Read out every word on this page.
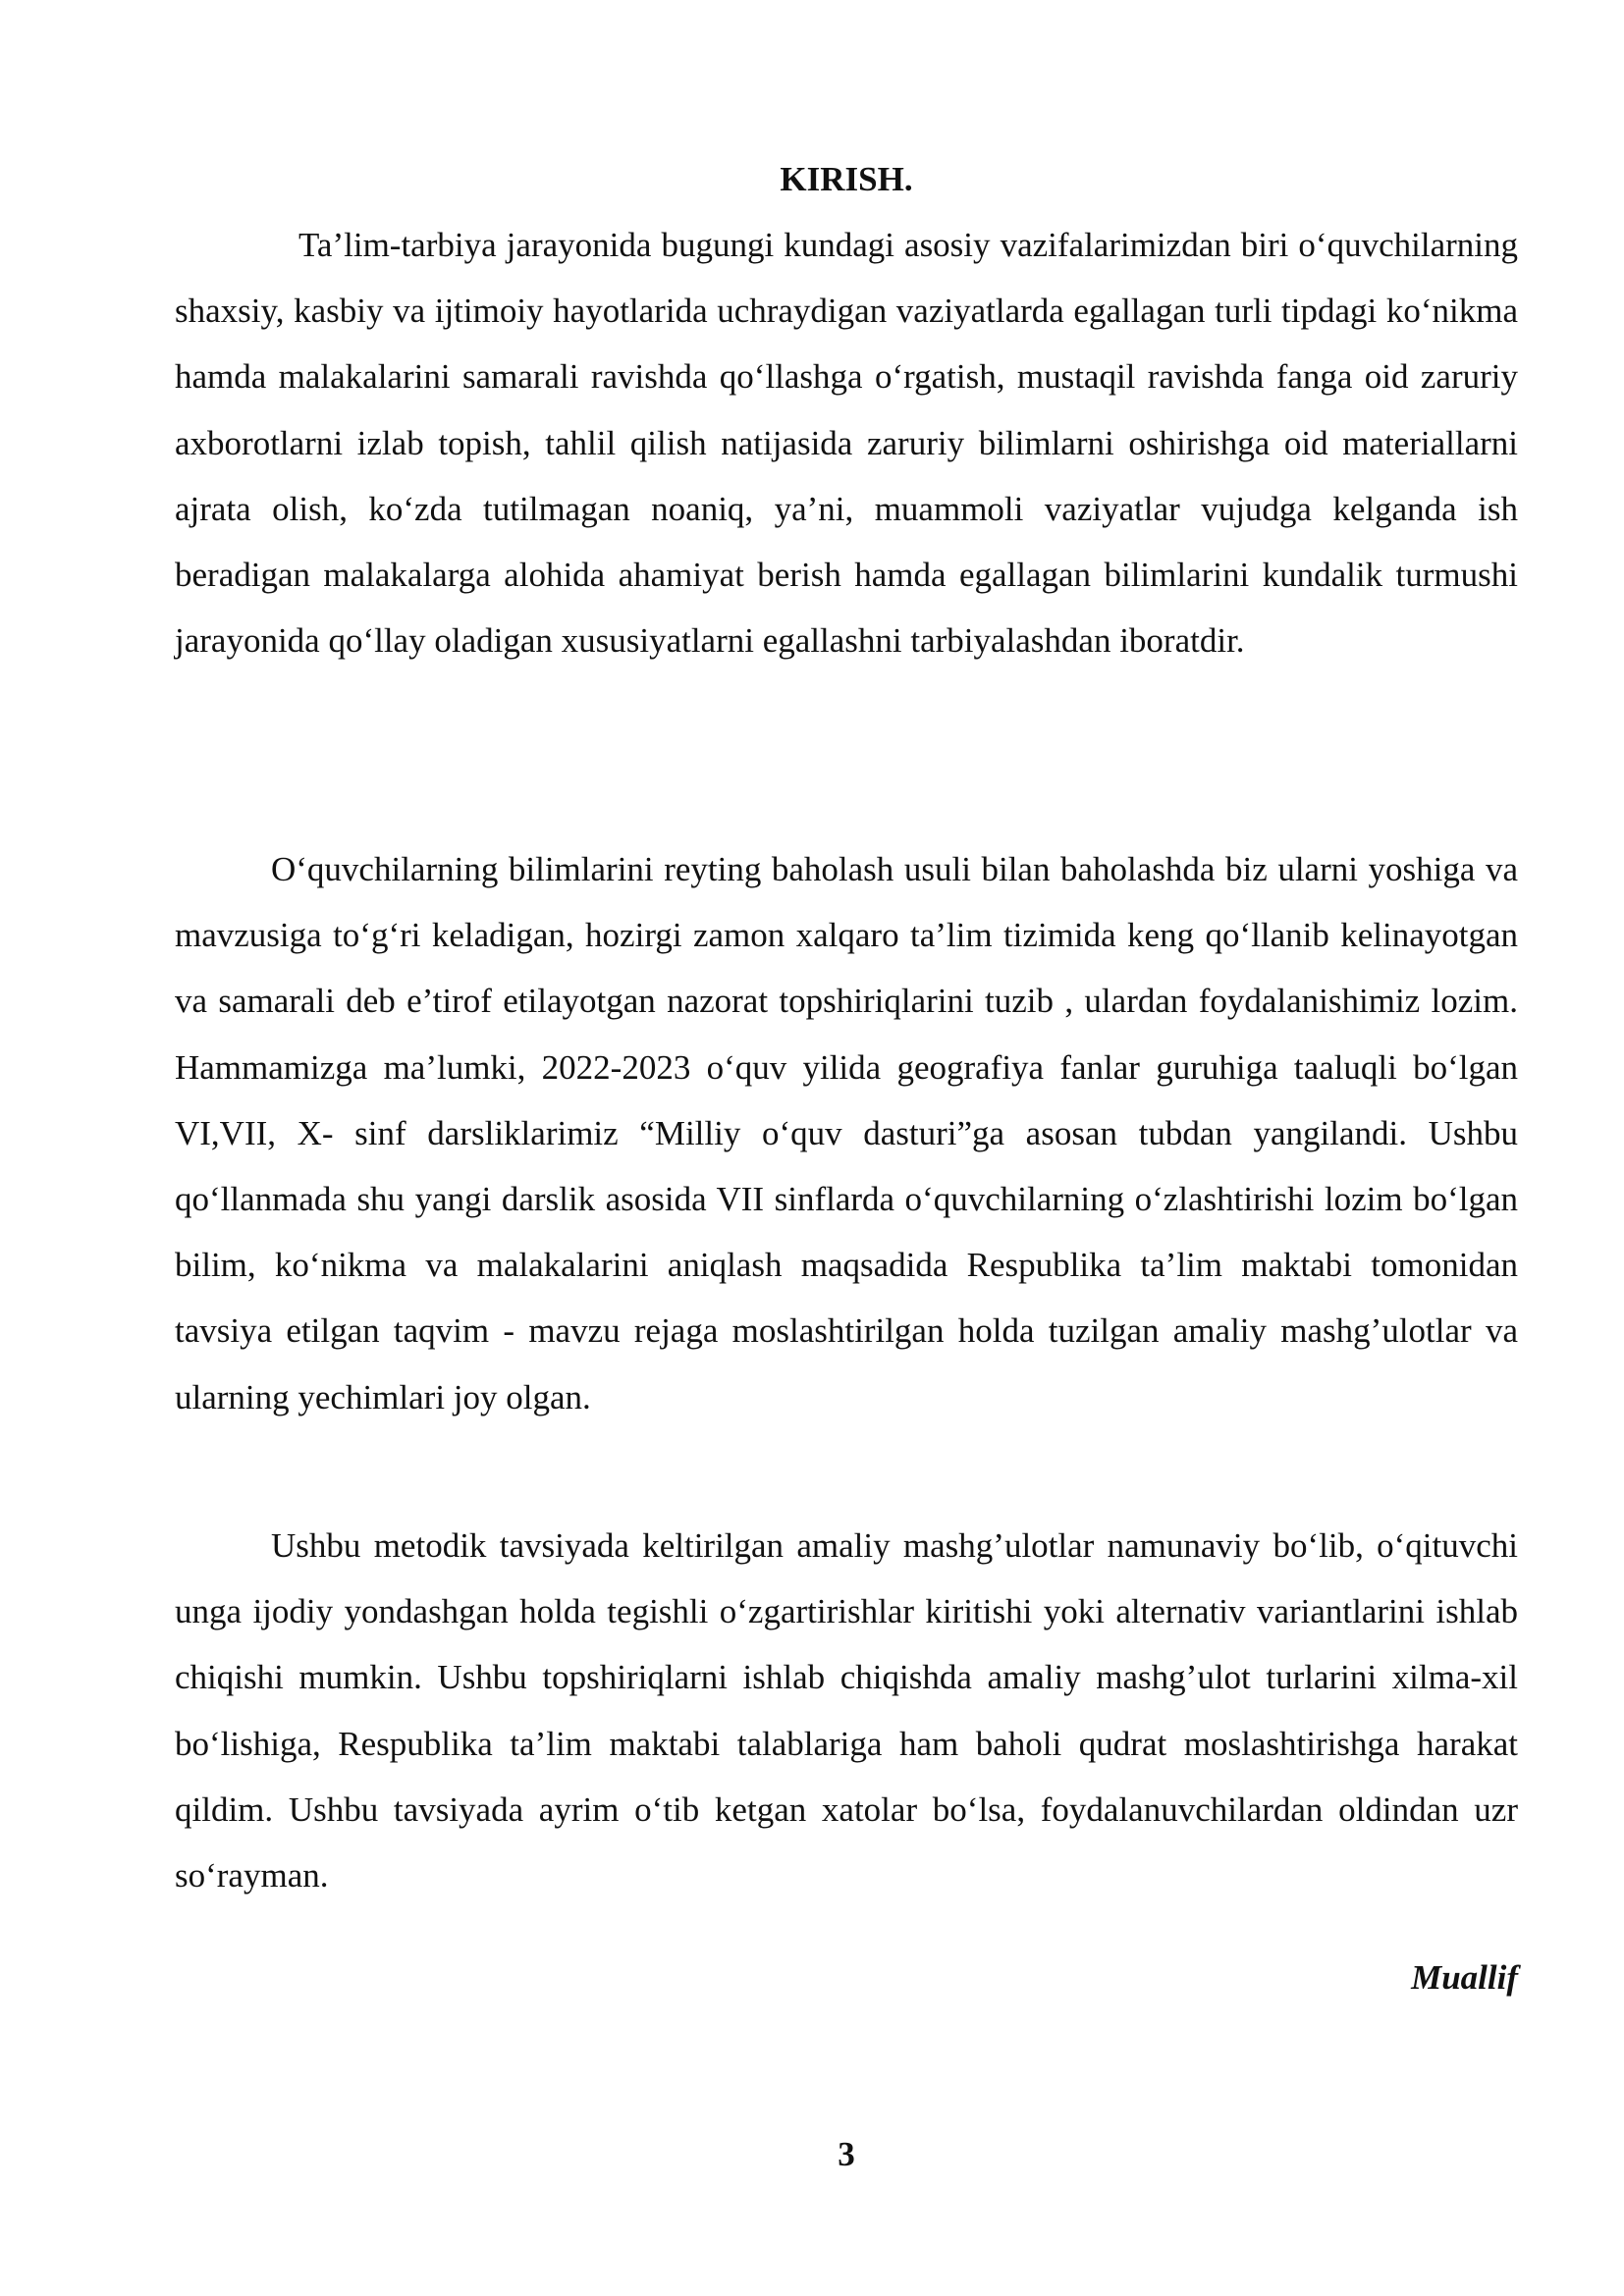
KIRISH.

Ta’lim-tarbiya jarayonida bugungi kundagi asosiy vazifalarimizdan biri o‘quvchilarning shaxsiy, kasbiy va ijtimoiy hayotlarida uchraydigan vaziyatlarda egallagan turli tipdagi ko‘nikma hamda malakalarini samarali ravishda qo‘llashga o‘rgatish, mustaqil ravishda fanga oid zaruriy axborotlarni izlab topish, tahlil qilish natijasida zaruriy bilimlarni oshirishga oid materiallarni ajrata olish, ko‘zda tutilmagan noaniq, ya’ni, muammoli vaziyatlar vujudga kelganda ish beradigan malakalarga alohida ahamiyat berish hamda egallagan bilimlarini kundalik turmushi jarayonida qo‘llay oladigan xususiyatlarni egallashni tarbiyalashdan iboratdir.

O‘quvchilarning bilimlarini reyting baholash usuli bilan baholashda biz ularni yoshiga va mavzusiga to‘g‘ri keladigan, hozirgi zamon xalqaro ta’lim tizimida keng qo‘llanib kelinayotgan va samarali deb e’tirof etilayotgan nazorat topshiriqlarini tuzib , ulardan foydalanishimiz lozim. Hammamizga ma’lumki, 2022-2023 o‘quv yilida geografiya fanlar guruhiga taaluqli bo‘lgan VI,VII, X- sinf darsliklarimiz “Milliy o‘quv dasturi”ga asosan tubdan yangilandi. Ushbu qo‘llanmada shu yangi darslik asosida VII sinflarda o‘quvchilarning o‘zlashtirishi lozim bo‘lgan bilim, ko‘nikma va malakalarini aniqlash maqsadida Respublika ta’lim maktabi tomonidan tavsiya etilgan taqvim - mavzu rejaga moslashtirilgan holda tuzilgan amaliy mashg’ulotlar va ularning yechimlari joy olgan.

Ushbu metodik tavsiyada keltirilgan amaliy mashg’ulotlar namunaviy bo‘lib, o‘qituvchi unga ijodiy yondashgan holda tegishli o‘zgartirishlar kiritishi yoki alternativ variantlarini ishlab chiqishi mumkin. Ushbu topshiriqlarni ishlab chiqishda amaliy mashg’ulot turlarini xilma-xil bo‘lishiga, Respublika ta’lim maktabi talablariga ham baholi qudrat moslashtirishga harakat qildim. Ushbu tavsiyada ayrim o‘tib ketgan xatolar bo‘lsa, foydalanuvchilardan oldindan uzr so‘rayman.

Muallif

3
